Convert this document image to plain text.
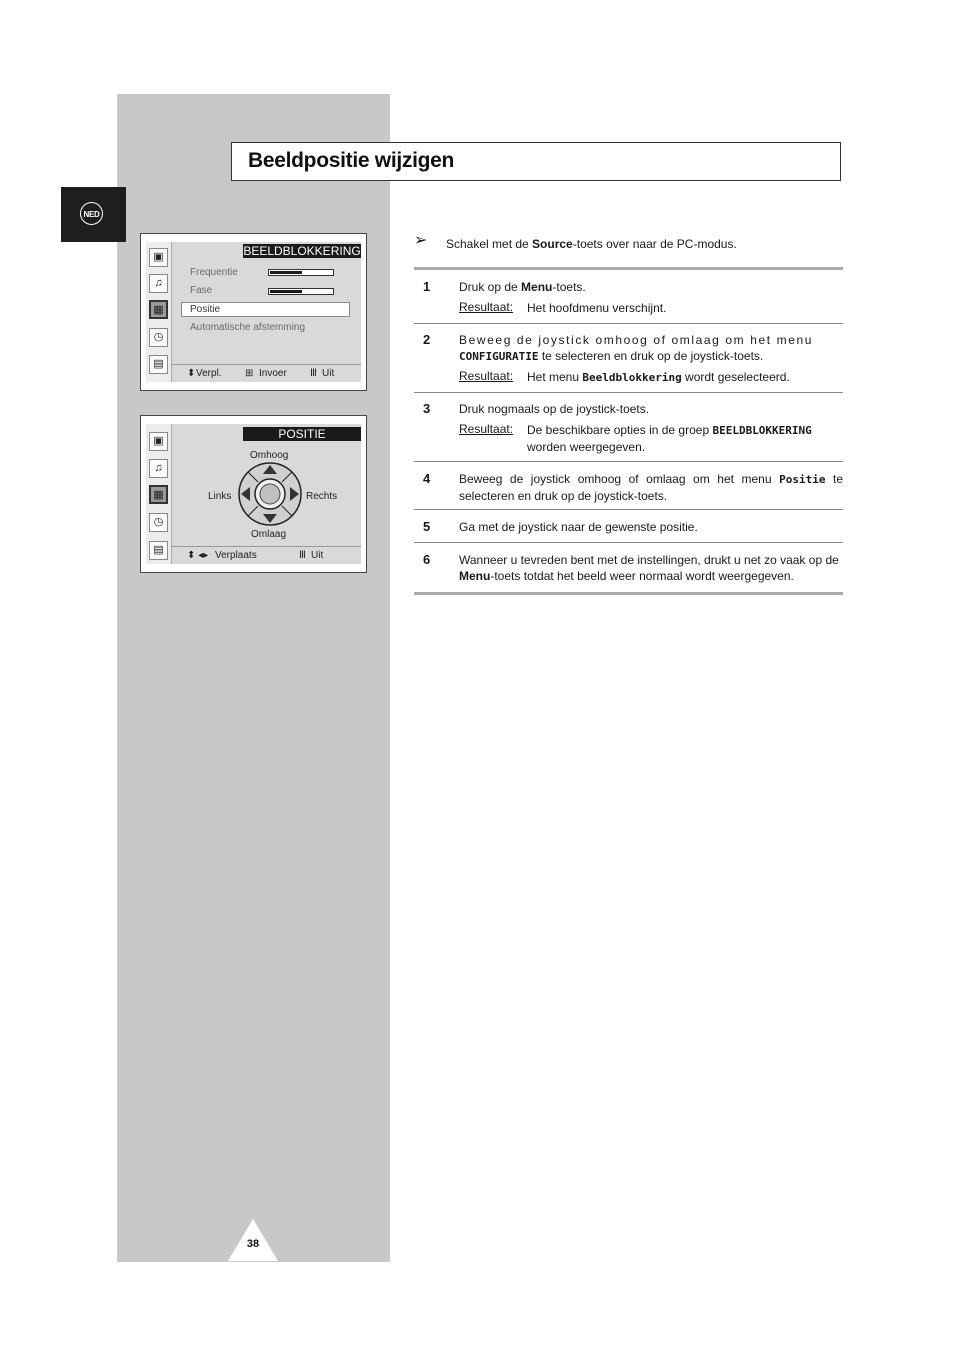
NED
Beeldpositie wijzigen
▣
♫
▦
◷
▤
BEELDBLOKKERING
Frequentie
Fase
Positie
Automatische afstemming
⬍ Verpl. ⊞ Invoer Ⅲ Uit
▣
♫
▦
◷
▤
POSITIE
Omhoog
Links	Rechts
Omlaag
⬍ ◂▸ Verplaats	Ⅲ Uit
➢ Schakel met de Source-toets over naar de PC-modus.
1 Druk op de Menu-toets.
Resultaat: Het hoofdmenu verschijnt.
2 Beweeg de joystick omhoog of omlaag om het menu
CONFIGURATIE te selecteren en druk op de joystick-toets.
Resultaat: Het menu Beeldblokkering wordt geselecteerd.
3 Druk nogmaals op de joystick-toets.
Resultaat: De beschikbare opties in de groep BEELDBLOKKERING worden weergegeven.
4 Beweeg de joystick omhoog of omlaag om het menu Positie te selecteren en druk op de joystick-toets.
5 Ga met de joystick naar de gewenste positie.
6 Wanneer u tevreden bent met de instellingen, drukt u net zo vaak op de Menu-toets totdat het beeld weer normaal wordt weergegeven.
38
